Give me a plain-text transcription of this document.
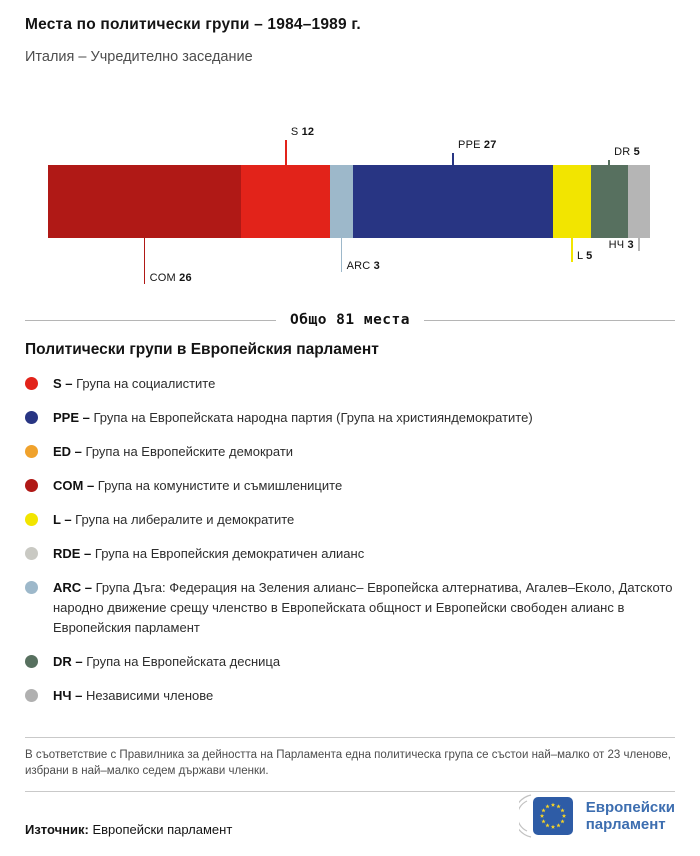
Места по политически групи – 1984–1989 г.
Италия – Учредително заседание
COM 26
S 12
ARC 3
PPE 27
L 5
DR 5
НЧ 3
Общо 81 места
Политически групи в Европейския парламент
S – Група на социалистите
PPE – Група на Европейската народна партия (Група на християндемократите)
ED – Група на Европейските демократи
COM – Група на комунистите и съмишлениците
L – Група на либералите и демократите
RDE – Група на Европейския демократичен алианс
ARC – Група Дъга: Федерация на Зеления алианс– Европейска алтернатива, Агалев–Еколо, Датското народно движение срещу членство в Европейската общност и Европейски свободен алианс в Европейския парламент
DR – Група на Европейската десница
НЧ – Независими членове
В съответствие с Правилника за дейността на Парламента една политическа група се състои най–малко от 23 членове, избрани в най–малко седем държави членки.
Източник: Европейски парламент
Европейски
парламент
